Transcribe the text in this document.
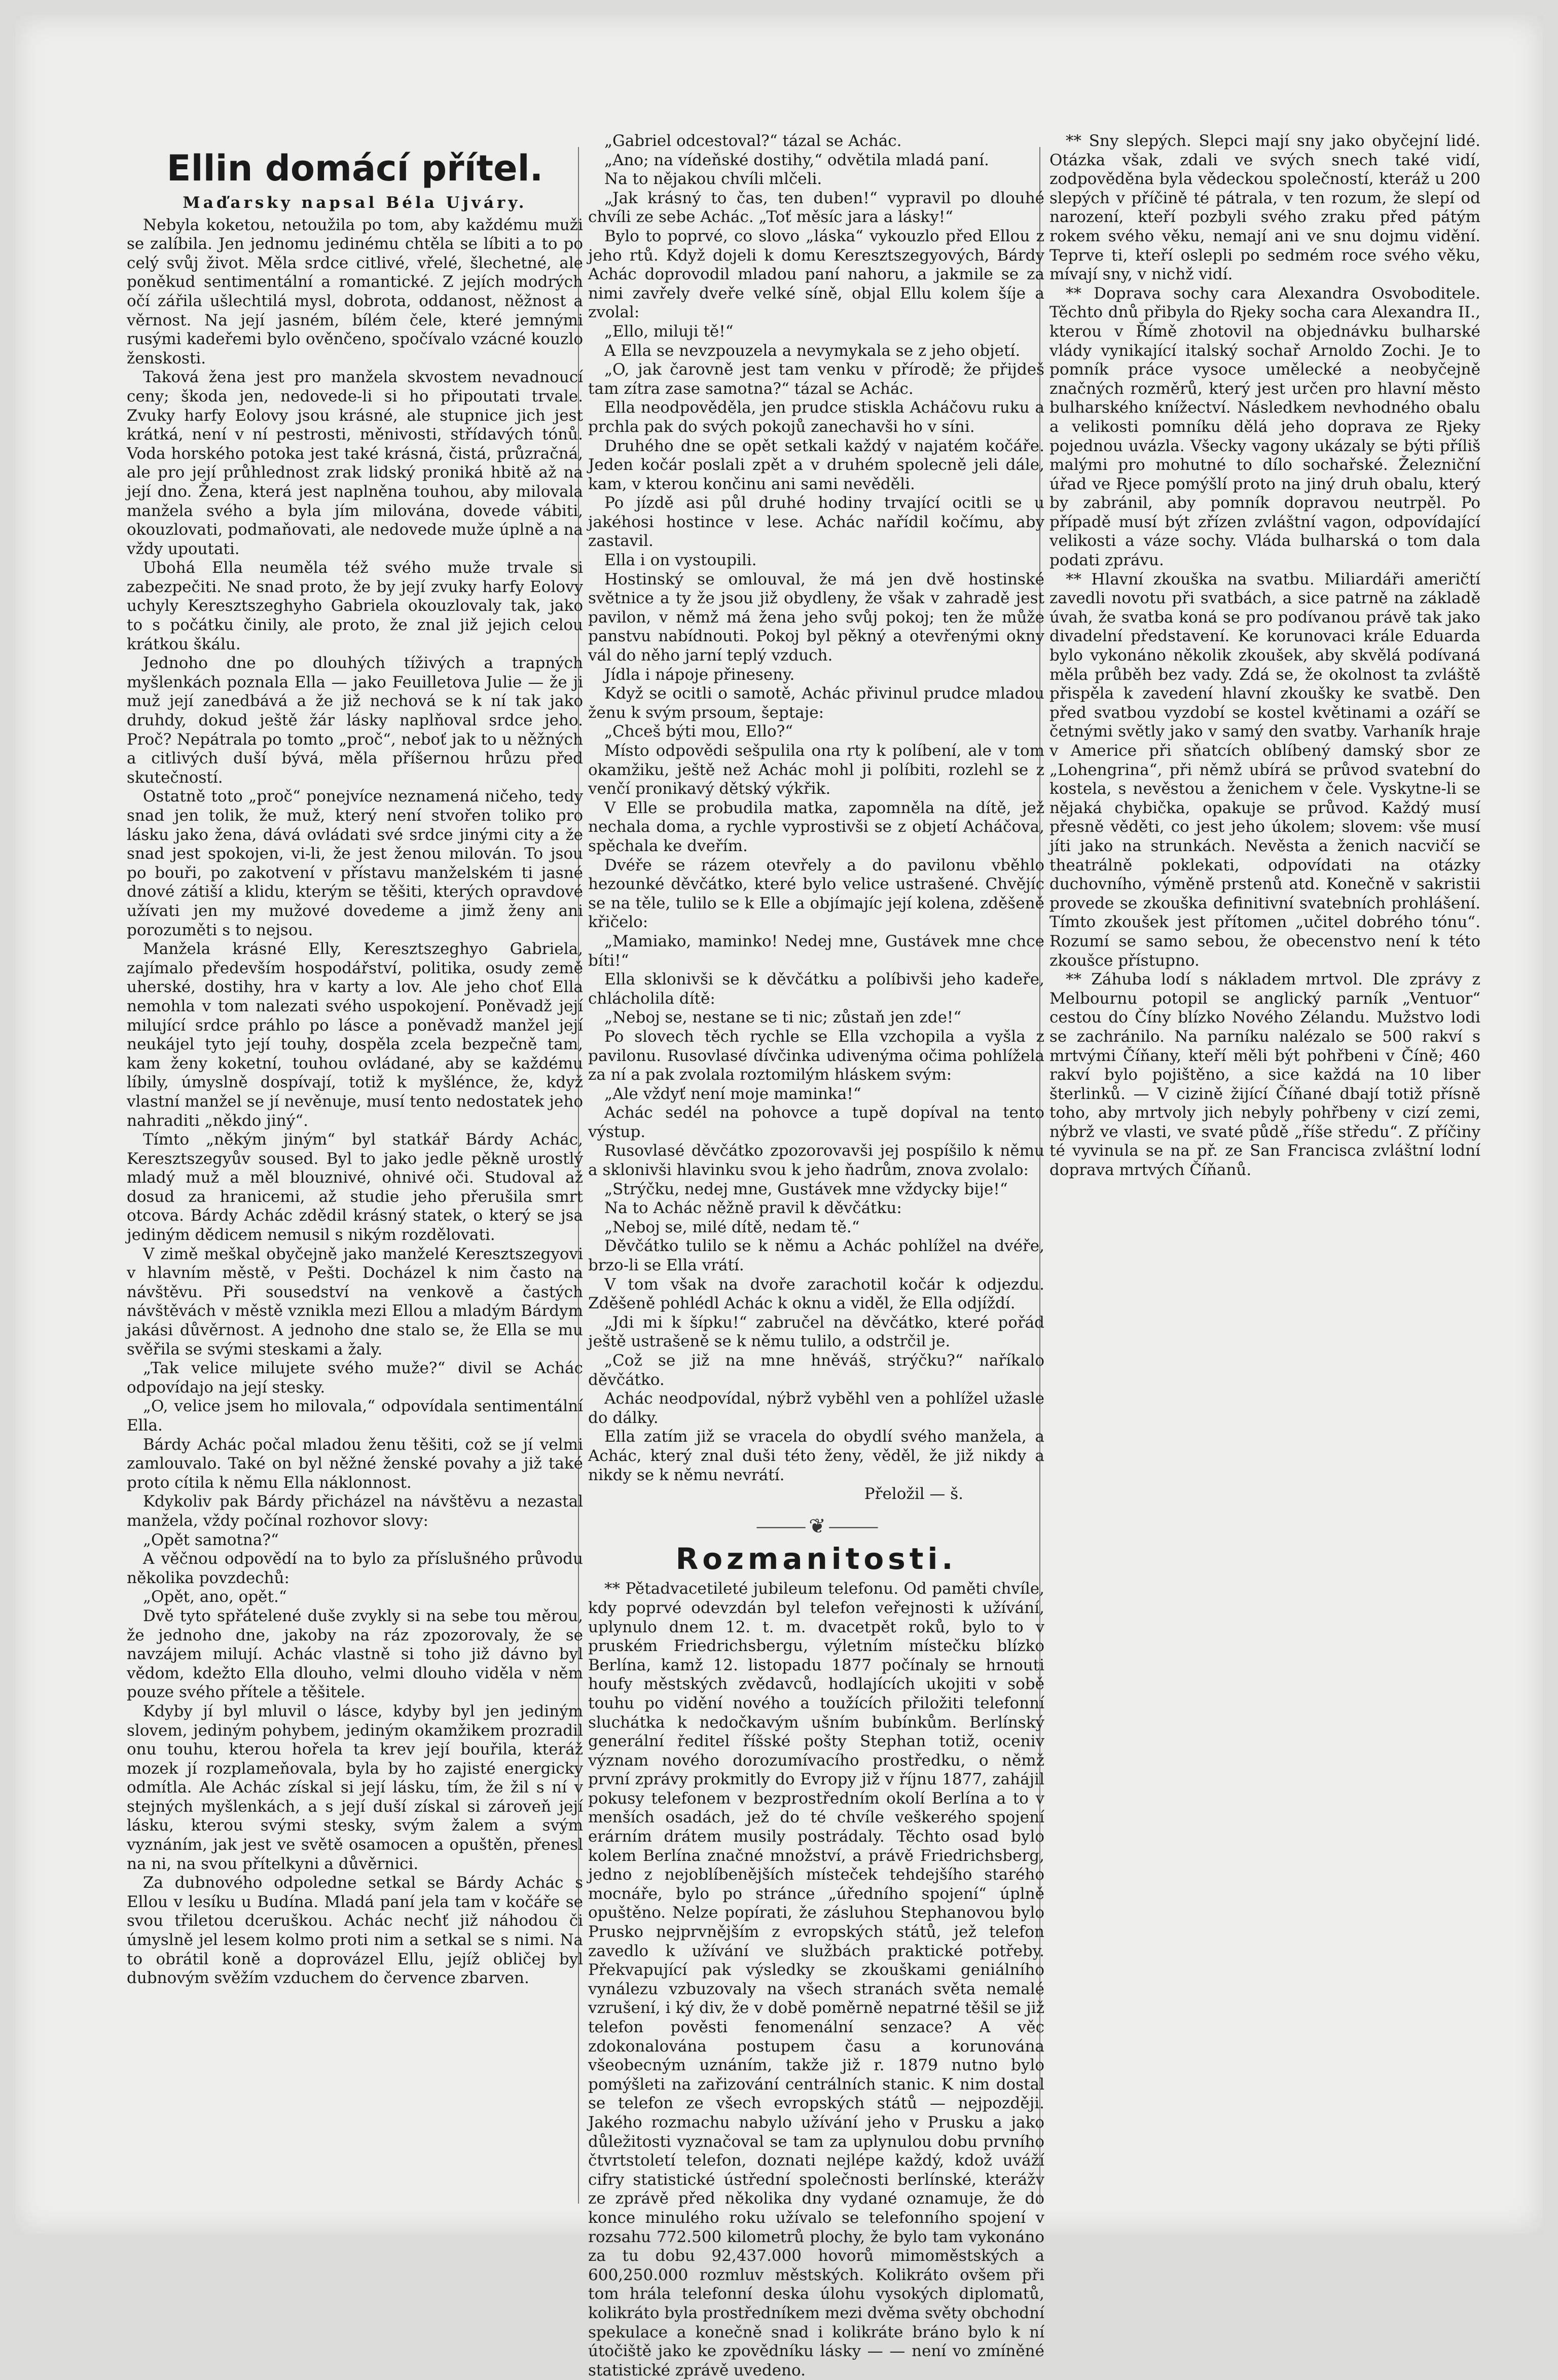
Ellin domácí přítel.
Maďarsky napsal Béla Ujváry.

Nebyla koketou, netoužila po tom, aby každému muži se zalíbila. Jen jednomu jedinému chtěla se líbiti a to po celý svůj život. Měla srdce citlivé, vřelé, šlechetné, ale poněkud sentimentální a romantické. Z jejích modrých očí zářila ušlechtilá mysl, dobrota, oddanost, něžnost a věrnost. Na její jasném, bílém čele, které jemnými rusými kadeřemi bylo ověnčeno, spočívalo vzácné kouzlo ženskosti.

Taková žena jest pro manžela skvostem nevadnoucí ceny; škoda jen, nedovede-li si ho připoutati trvale. Zvuky harfy Eolovy jsou krásné, ale stupnice jich jest krátká, není v ní pestrosti, měnivosti, střídavých tónů. Voda horského potoka jest také krásná, čistá, průzračná, ale pro její průhlednost zrak lidský proniká hbitě až na její dno. Žena, která jest naplněna touhou, aby milovala manžela svého a byla jím milována, dovede vábiti, okouzlovati, podmaňovati, ale nedovede muže úplně a na vždy upoutati.

Ubohá Ella neuměla též svého muže trvale si zabezpečiti. Ne snad proto, že by její zvuky harfy Eolovy uchyly Keresztszeghyho Gabriela okouzlovaly tak, jako to s počátku činily, ale proto, že znal již jejich celou krátkou škálu.

Jednoho dne po dlouhých tíživých a trapných myšlenkách poznala Ella — jako Feuilletova Julie — že ji muž její zanedbává a že již nechová se k ní tak jako druhdy, dokud ještě žár lásky naplňoval srdce jeho. Proč? Nepátrala po tomto „proč“, neboť jak to u něžných a citlivých duší bývá, měla příšernou hrůzu před skutečností.

Ostatně toto „proč“ ponejvíce neznamená ničeho, tedy snad jen tolik, že muž, který není stvořen toliko pro lásku jako žena, dává ovládati své srdce jinými city a že snad jest spokojen, vi-li, že jest ženou milován. To jsou po bouři, po zakotvení v přístavu manželském ti jasné dnové zátiší a klidu, kterým se těšiti, kterých opravdové užívati jen my mužové dovedeme a jimž ženy ani porozuměti s to nejsou.

Manžela krásné Elly, Keresztszeghyo Gabriela, zajímalo především hospodářství, politika, osudy země uherské, dostihy, hra v karty a lov. Ale jeho choť Ella nemohla v tom nalezati svého uspokojení. Poněvadž její milující srdce práhlo po lásce a poněvadž manžel její neukájel tyto její touhy, dospěla zcela bezpečně tam, kam ženy koketní, touhou ovládané, aby se každému líbily, úmyslně dospívají, totiž k myšlénce, že, když vlastní manžel se jí nevěnuje, musí tento nedostatek jeho nahraditi „někdo jiný“.

Tímto „někým jiným“ byl statkář Bárdy Achác, Keresztszegyův soused. Byl to jako jedle pěkně urostlý mladý muž a měl blouznivé, ohnivé oči. Studoval až dosud za hranicemi, až studie jeho přerušila smrt otcova. Bárdy Achác zdědil krásný statek, o který se jsa jediným dědicem nemusil s nikým rozdělovati.

V zimě meškal obyčejně jako manželé Keresztszegyovi v hlavním městě, v Pešti. Docházel k nim často na návštěvu. Při sousedství na venkově a častých návštěvách v městě vznikla mezi Ellou a mladým Bárdym jakási důvěrnost. A jednoho dne stalo se, že Ella se mu svěřila se svými steskami a žaly.

„Tak velice milujete svého muže?“ divil se Achác odpovídajo na její stesky.

„O, velice jsem ho milovala,“ odpovídala sentimentální Ella.

Bárdy Achác počal mladou ženu těšiti, což se jí velmi zamlouvalo. Také on byl něžné ženské povahy a již také proto cítila k němu Ella náklonnost.

Kdykoliv pak Bárdy přicházel na návštěvu a nezastal manžela, vždy počínal rozhovor slovy:

„Opět samotna?“

A věčnou odpovědí na to bylo za příslušného průvodu několika povzdechů:

„Opět, ano, opět.“

Dvě tyto spřátelené duše zvykly si na sebe tou měrou, že jednoho dne, jakoby na ráz zpozorovaly, že se navzájem milují. Achác vlastně si toho již dávno byl vědom, kdežto Ella dlouho, velmi dlouho viděla v něm pouze svého přítele a těšitele.

Kdyby jí byl mluvil o lásce, kdyby byl jen jediným slovem, jediným pohybem, jediným okamžikem prozradil onu touhu, kterou hořela ta krev její bouřila, kteráž mozek jí rozplameňovala, byla by ho zajisté energicky odmítla. Ale Achác získal si její lásku, tím, že žil s ní v stejných myšlenkách, a s její duší získal si zároveň její lásku, kterou svými stesky, svým žalem a svým vyznáním, jak jest ve světě osamocen a opuštěn, přenesl na ni, na svou přítelkyni a důvěrnici.

Za dubnového odpoledne setkal se Bárdy Achác s Ellou v lesíku u Budína. Mladá paní jela tam v kočáře se svou třiletou dceruškou. Achác nechť již náhodou či úmyslně jel lesem kolmo proti nim a setkal se s nimi. Na to obrátil koně a doprovázel Ellu, jejíž obličej byl dubnovým svěžím vzduchem do července zbarven.

„Gabriel odcestoval?“ tázal se Achác.

„Ano; na vídeňské dostihy,“ odvětila mladá paní.

Na to nějakou chvíli mlčeli.

„Jak krásný to čas, ten duben!“ vypravil po dlouhé chvíli ze sebe Achác. „Toť měsíc jara a lásky!“

Bylo to poprvé, co slovo „láska“ vykouzlo před Ellou z jeho rtů. Když dojeli k domu Keresztszegyových, Bárdy Achác doprovodil mladou paní nahoru, a jakmile se za nimi zavřely dveře velké síně, objal Ellu kolem šíje a zvolal:

„Ello, miluji tě!“

A Ella se nevzpouzela a nevymykala se z jeho objetí.

„O, jak čarovně jest tam venku v přírodě; že přijdeš tam zítra zase samotna?“ tázal se Achác.

Ella neodpověděla, jen prudce stiskla Acháčovu ruku a prchla pak do svých pokojů zanechavši ho v síni.

Druhého dne se opět setkali každý v najatém kočáře. Jeden kočár poslali zpět a v druhém spolecně jeli dále, kam, v kterou končinu ani sami nevěděli.

Po jízdě asi půl druhé hodiny trvající ocitli se u jakéhosi hostince v lese. Achác nařídil kočímu, aby zastavil.

Ella i on vystoupili.

Hostinský se omlouval, že má jen dvě hostinské světnice a ty že jsou již obydleny, že však v zahradě jest pavilon, v němž má žena jeho svůj pokoj; ten že může panstvu nabídnouti. Pokoj byl pěkný a otevřenými okny vál do něho jarní teplý vzduch.

Jídla i nápoje přineseny.

Když se ocitli o samotě, Achác přivinul prudce mladou ženu k svým prsoum, šeptaje:

„Chceš býti mou, Ello?“

Místo odpovědi sešpulila ona rty k políbení, ale v tom okamžiku, ještě než Achác mohl ji políbiti, rozlehl se z venčí pronikavý dětský výkřik.

V Elle se probudila matka, zapomněla na dítě, jež nechala doma, a rychle vyprostivši se z objetí Acháčova, spěchala ke dveřím.

Dvéře se rázem otevřely a do pavilonu vběhlo hezounké děvčátko, které bylo velice ustrašené. Chvějíc se na těle, tulilo se k Elle a objímajíc její kolena, zděšeně křičelo:

„Mamiako, maminko! Nedej mne, Gustávek mne chce bíti!“

Ella sklonivši se k děvčátku a políbivši jeho kadeře, chlácholila dítě:

„Neboj se, nestane se ti nic; zůstaň jen zde!“

Po slovech těch rychle se Ella vzchopila a vyšla z pavilonu. Rusovlasé dívčinka udivenýma očima pohlížela za ní a pak zvolala roztomilým hláskem svým:

„Ale vždyť není moje maminka!“

Achác sedél na pohovce a tupě dopíval na tento výstup.

Rusovlasé děvčátko zpozorovavši jej pospíšilo k němu a sklonivši hlavinku svou k jeho ňadrům, znova zvolalo:

„Strýčku, nedej mne, Gustávek mne vždycky bije!“

Na to Achác něžně pravil k děvčátku:

„Neboj se, milé dítě, nedam tě.“

Děvčátko tulilo se k němu a Achác pohlížel na dvéře, brzo-li se Ella vrátí.

V tom však na dvoře zarachotil kočár k odjezdu. Zděšeně pohlédl Achác k oknu a viděl, že Ella odjíždí.

„Jdi mi k šípku!“ zabručel na děvčátko, které pořád ještě ustrašeně se k němu tulilo, a odstrčil je.

„Což se již na mne hněváš, strýčku?“ naříkalo děvčátko.

Achác neodpovídal, nýbrž vyběhl ven a pohlížel užasle do dálky.

Ella zatím již se vracela do obydlí svého manžela, a Achác, který znal duši této ženy, věděl, že již nikdy a nikdy se k němu nevrátí.

Přeložil — š.
⸻ ❦ ⸻
Rozmanitosti.

** Pětadvacetileté jubileum telefonu. Od paměti chvíle, kdy poprvé odevzdán byl telefon veřejnosti k užívání, uplynulo dnem 12. t. m. dvacetpět roků, bylo to v pruském Friedrichsbergu, výletním místečku blízko Berlína, kamž 12. listopadu 1877 počínaly se hrnouti houfy městských zvědavců, hodlajících ukojiti v sobě touhu po vidění nového a toužících přiložiti telefonní sluchátka k nedočkavým ušním bubínkům. Berlínský generální ředitel říšské pošty Stephan totiž, oceniv význam nového dorozumívacího prostředku, o němž první zprávy prokmitly do Evropy již v říjnu 1877, zahájil pokusy telefonem v bezprostředním okolí Berlína a to v menších osadách, jež do té chvíle veškerého spojení erárním drátem musily postrádaly. Těchto osad bylo kolem Berlína značné množství, a právě Friedrichsberg, jedno z nejoblíbenějších místeček tehdejšího starého mocnáře, bylo po stránce „úředního spojení“ úplně opuštěno. Nelze popírati, že zásluhou Stephanovou bylo Prusko nejprvnějším z evropských států, jež telefon zavedlo k užívání ve službách praktické potřeby. Překvapující pak výsledky se zkouškami geniálního vynálezu vzbuzovaly na všech stranách světa nemalé vzrušení, i ký div, že v době poměrně nepatrné těšil se již telefon pověsti fenomenální senzace? A věc zdokonalována postupem času a korunována všeobecným uznáním, takže již r. 1879 nutno bylo pomýšleti na zařizování centrálních stanic. K nim dostal se telefon ze všech evropských států — nejpozději. Jakého rozmachu nabylo užívání jeho v Prusku a jako důležitosti vyznačoval se tam za uplynulou dobu prvního čtvrtstoletí telefon, doznati nejlépe každý, kdož uváží cifry statistické ústřední společnosti berlínské, kterážv ze zprávě před několika dny vydané oznamuje, že do konce minulého roku užívalo se telefonního spojení v rozsahu 772.500 kilometrů plochy, že bylo tam vykonáno za tu dobu 92,437.000 hovorů mimoměstských a 600,250.000 rozmluv městských. Kolikráto ovšem při tom hrála telefonní deska úlohu vysokých diplomatů, kolikráto byla prostředníkem mezi dvěma světy obchodní spekulace a konečně snad i kolikráte bráno bylo k ní útočiště jako ke zpovědníku lásky — — není vo zmíněné statistické zprávě uvedeno.

** Sny slepých. Slepci mají sny jako obyčejní lidé. Otázka však, zdali ve svých snech také vidí, zodpověděna byla vědeckou společností, kteráž u 200 slepých v příčině té pátrala, v ten rozum, že slepí od narození, kteří pozbyli svého zraku před pátým rokem svého věku, nemají ani ve snu dojmu vidění. Teprve ti, kteří oslepli po sedmém roce svého věku, mívají sny, v nichž vidí.

** Doprava sochy cara Alexandra Osvoboditele. Těchto dnů přibyla do Rjeky socha cara Alexandra II., kterou v Římě zhotovil na objednávku bulharské vlády vynikající italský sochař Arnoldo Zochi. Je to pomník práce vysoce umělecké a neobyčejně značných rozměrů, který jest určen pro hlavní město bulharského knížectví. Následkem nevhodného obalu a velikosti pomníku dělá jeho doprava ze Rjeky pojednou uvázla. Všecky vagony ukázaly se býti příliš malými pro mohutné to dílo sochařské. Železniční úřad ve Rjece pomýšlí proto na jiný druh obalu, který by zabránil, aby pomník dopravou neutrpěl. Po případě musí být zřízen zvláštní vagon, odpovídající velikosti a váze sochy. Vláda bulharská o tom dala podati zprávu.

** Hlavní zkouška na svatbu. Miliardáři američtí zavedli novotu při svatbách, a sice patrně na základě úvah, že svatba koná se pro podívanou právě tak jako divadelní představení. Ke korunovaci krále Eduarda bylo vykonáno několik zkoušek, aby skvělá podívaná měla průběh bez vady. Zdá se, že okolnost ta zvláště přispěla k zavedení hlavní zkoušky ke svatbě. Den před svatbou vyzdobí se kostel květinami a ozáří se četnými světly jako v samý den svatby. Varhaník hraje v Americe při sňatcích oblíbený damský sbor ze „Lohengrina“, při němž ubírá se průvod svatební do kostela, s nevěstou a ženichem v čele. Vyskytne-li se nějaká chybička, opakuje se průvod. Každý musí přesně věděti, co jest jeho úkolem; slovem: vše musí jíti jako na strunkách. Nevěsta a ženich nacvičí se theatrálně poklekati, odpovídati na otázky duchovního, výměně prstenů atd. Konečně v sakristii provede se zkouška definitivní svatebních prohlášení. Tímto zkoušek jest přítomen „učitel dobrého tónu“. Rozumí se samo sebou, že obecenstvo není k této zkoušce přístupno.

** Záhuba lodí s nákladem mrtvol. Dle zprávy z Melbournu potopil se anglický parník „Ventuor“ cestou do Číny blízko Nového Zélandu. Mužstvo lodi se zachránilo. Na parníku nalézalo se 500 rakví s mrtvými Číňany, kteří měli být pohřbeni v Číně; 460 rakví bylo pojištěno, a sice každá na 10 liber šterlinků. — V cizině žijící Číňané dbají totiž přísně toho, aby mrtvoly jich nebyly pohřbeny v cizí zemi, nýbrž ve vlasti, ve svaté půdě „říše středu“. Z příčiny té vyvinula se na př. ze San Francisca zvláštní lodní doprava mrtvých Číňanů.
